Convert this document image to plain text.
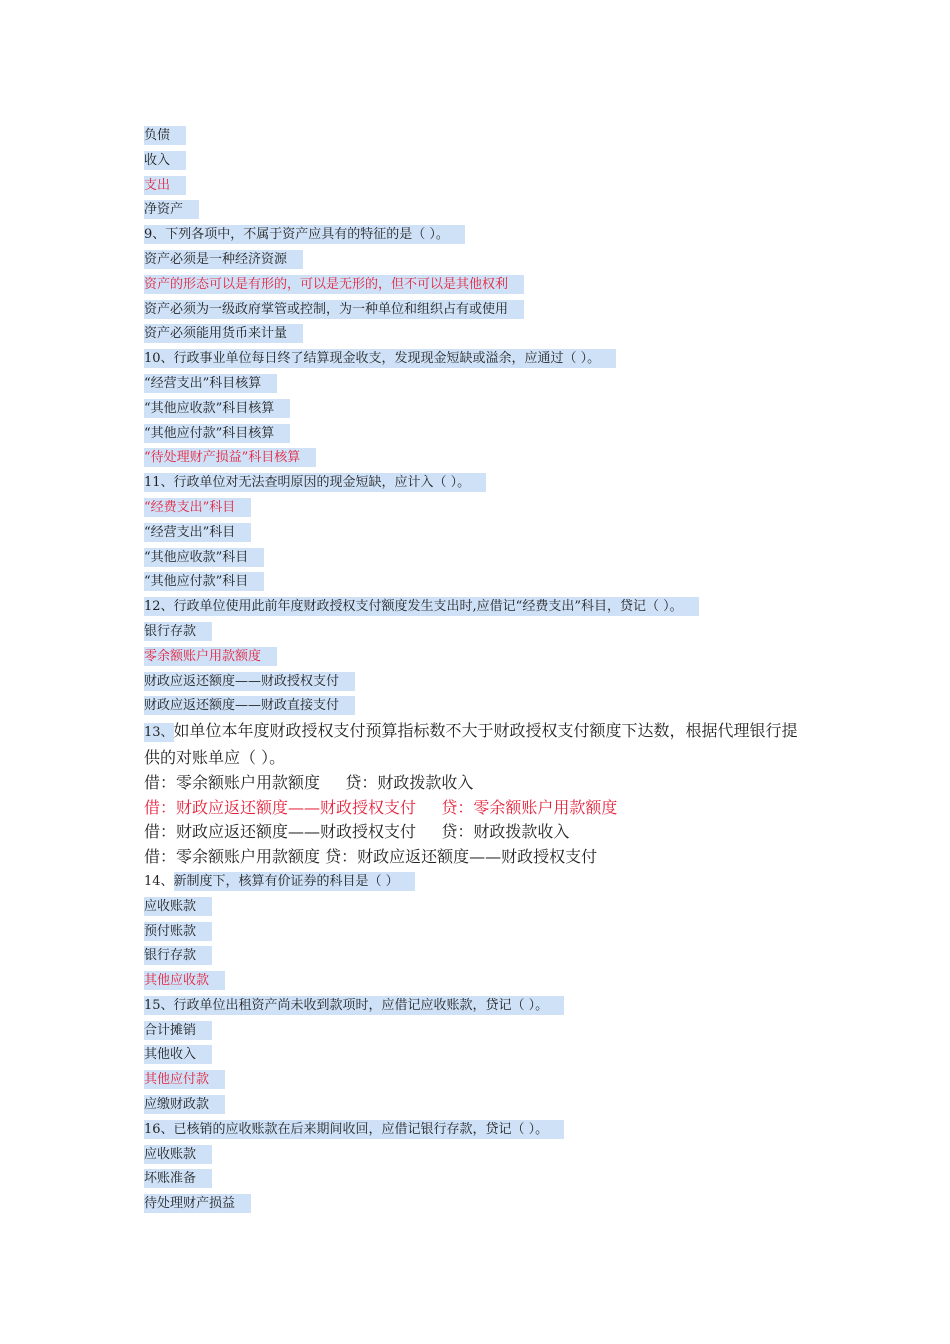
负债
收入
支出
净资产
9、下列各项中，不属于资产应具有的特征的是（ ）。
资产必须是一种经济资源
资产的形态可以是有形的，可以是无形的，但不可以是其他权利
资产必须为一级政府掌管或控制，为一种单位和组织占有或使用
资产必须能用货币来计量
10、行政事业单位每日终了结算现金收支，发现现金短缺或溢余，应通过（ ）。
“经营支出”科目核算
“其他应收款”科目核算
“其他应付款”科目核算
“待处理财产损益”科目核算
11、行政单位对无法查明原因的现金短缺，应计入（ ）。
“经费支出”科目
“经营支出”科目
“其他应收款”科目
“其他应付款”科目
12、行政单位使用此前年度财政授权支付额度发生支出时,应借记“经费支出”科目，贷记（ ）。
银行存款
零余额账户用款额度
财政应返还额度——财政授权支付
财政应返还额度——财政直接支付
13、如单位本年度财政授权支付预算指标数不大于财政授权支付额度下达数，根据代理银行提供的对账单应（ ）。
借：零余额账户用款额度     贷：财政拨款收入
借：财政应返还额度——财政授权支付     贷：零余额账户用款额度
借：财政应返还额度——财政授权支付     贷：财政拨款收入
借：零余额账户用款额度 贷：财政应返还额度——财政授权支付
14、新制度下，核算有价证券的科目是（ ）
应收账款
预付账款
银行存款
其他应收款
15、行政单位出租资产尚未收到款项时，应借记应收账款，贷记（ ）。
合计摊销
其他收入
其他应付款
应缴财政款
16、已核销的应收账款在后来期间收回，应借记银行存款，贷记（ ）。
应收账款
坏账准备
待处理财产损益
